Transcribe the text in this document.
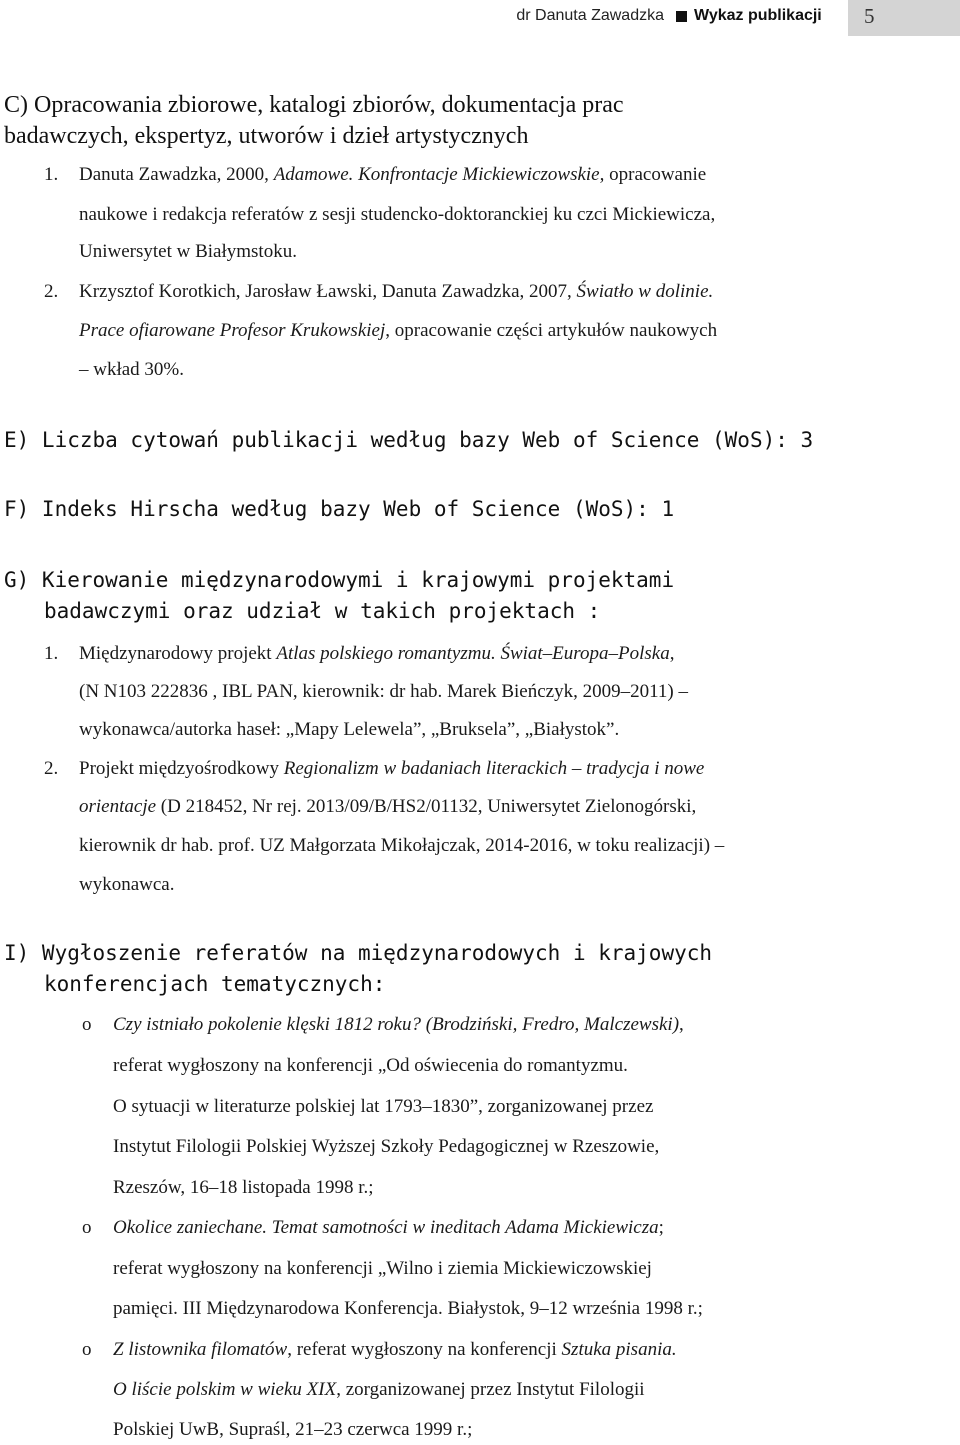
dr Danuta Zawadzka Wykaz publikacji 5
C) Opracowania zbiorowe, katalogi zbiorów, dokumentacja prac
badawczych, ekspertyz, utworów i dzieł artystycznych
1. Danuta Zawadzka, 2000, Adamowe. Konfrontacje Mickiewiczowskie, opracowanie
naukowe i redakcja referatów z sesji studencko-doktoranckiej ku czci Mickiewicza,
Uniwersytet w Białymstoku.
2. Krzysztof Korotkich, Jarosław Ławski, Danuta Zawadzka, 2007, Światło w dolinie.
Prace ofiarowane Profesor Krukowskiej, opracowanie części artykułów naukowych
– wkład 30%.
E) Liczba cytowań publikacji według bazy Web of Science (WoS): 3
F) Indeks Hirscha według bazy Web of Science (WoS): 1
G) Kierowanie międzynarodowymi i krajowymi projektami
badawczymi oraz udział w takich projektach :
1. Międzynarodowy projekt Atlas polskiego romantyzmu. Świat–Europa–Polska,
(N N103 222836 , IBL PAN, kierownik: dr hab. Marek Bieńczyk, 2009–2011) –
wykonawca/autorka haseł: „Mapy Lelewela”, „Bruksela”, „Białystok”.
2. Projekt międzyośrodkowy Regionalizm w badaniach literackich – tradycja i nowe
orientacje (D 218452, Nr rej. 2013/09/B/HS2/01132, Uniwersytet Zielonogórski,
kierownik dr hab. prof. UZ Małgorzata Mikołajczak, 2014-2016, w toku realizacji) –
wykonawca.
I) Wygłoszenie referatów na międzynarodowych i krajowych
konferencjach tematycznych:
o Czy istniało pokolenie klęski 1812 roku? (Brodziński, Fredro, Malczewski),
referat wygłoszony na konferencji „Od oświecenia do romantyzmu.
O sytuacji w literaturze polskiej lat 1793–1830”, zorganizowanej przez
Instytut Filologii Polskiej Wyższej Szkoły Pedagogicznej w Rzeszowie,
Rzeszów, 16–18 listopada 1998 r.;
o Okolice zaniechane. Temat samotności w ineditach Adama Mickiewicza;
referat wygłoszony na konferencji „Wilno i ziemia Mickiewiczowskiej
pamięci. III Międzynarodowa Konferencja. Białystok, 9–12 września 1998 r.;
o Z listownika filomatów, referat wygłoszony na konferencji Sztuka pisania.
O liście polskim w wieku XIX, zorganizowanej przez Instytut Filologii
Polskiej UwB, Supraśl, 21–23 czerwca 1999 r.;
